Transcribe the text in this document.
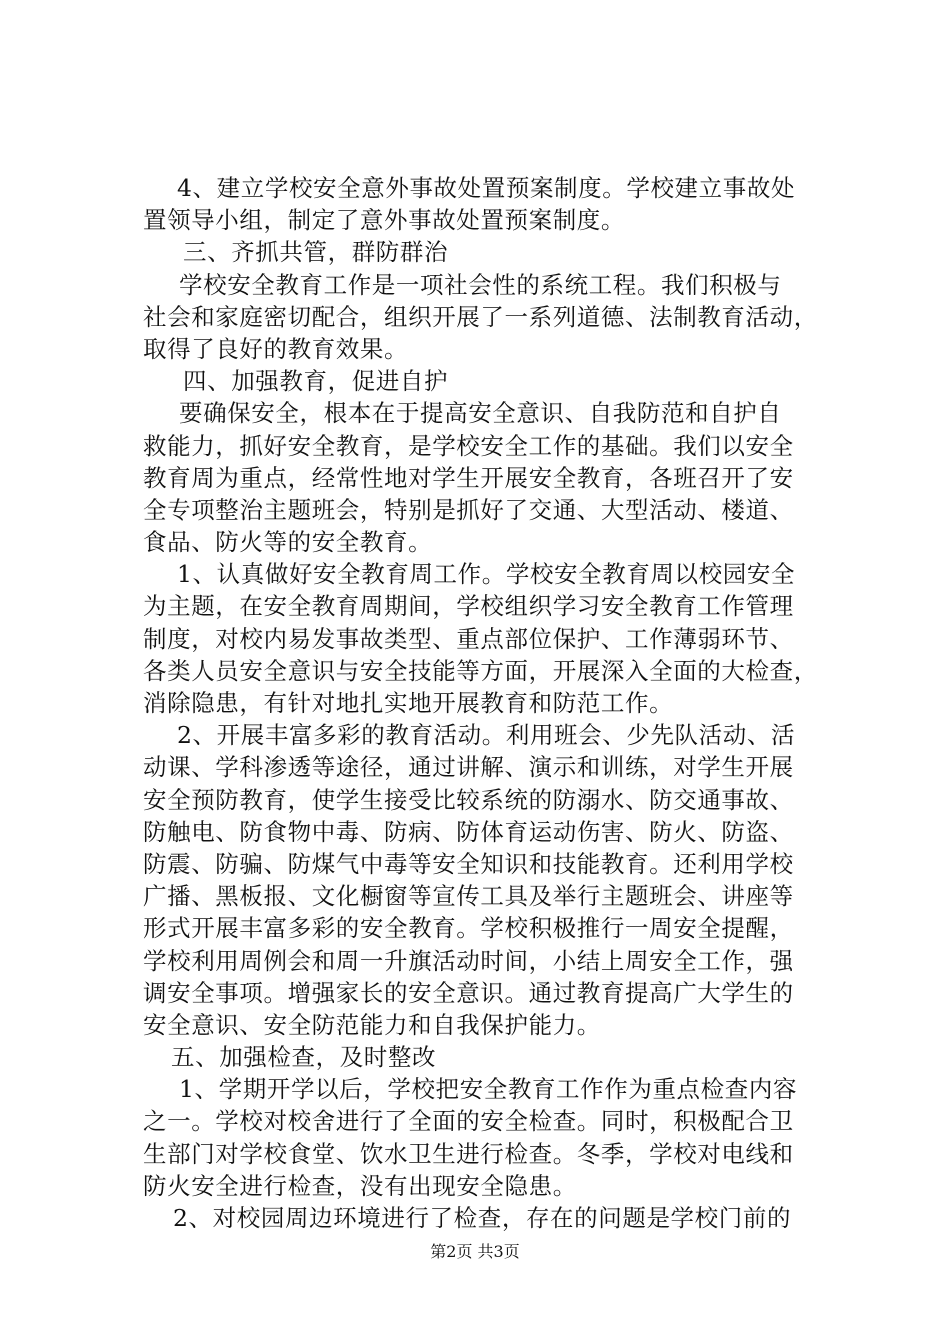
4、建立学校安全意外事故处置预案制度。学校建立事故处
置领导小组，制定了意外事故处置预案制度。
三、齐抓共管，群防群治
学校安全教育工作是一项社会性的系统工程。我们积极与
社会和家庭密切配合，组织开展了一系列道德、法制教育活动，
取得了良好的教育效果。
四、加强教育，促进自护
要确保安全，根本在于提高安全意识、自我防范和自护自
救能力，抓好安全教育，是学校安全工作的基础。我们以安全
教育周为重点，经常性地对学生开展安全教育，各班召开了安
全专项整治主题班会，特别是抓好了交通、大型活动、楼道、
食品、防火等的安全教育。
1、认真做好安全教育周工作。学校安全教育周以校园安全
为主题，在安全教育周期间，学校组织学习安全教育工作管理
制度，对校内易发事故类型、重点部位保护、工作薄弱环节、
各类人员安全意识与安全技能等方面，开展深入全面的大检查，
消除隐患，有针对地扎实地开展教育和防范工作。
2、开展丰富多彩的教育活动。利用班会、少先队活动、活
动课、学科渗透等途径，通过讲解、演示和训练，对学生开展
安全预防教育，使学生接受比较系统的防溺水、防交通事故、
防触电、防食物中毒、防病、防体育运动伤害、防火、防盗、
防震、防骗、防煤气中毒等安全知识和技能教育。还利用学校
广播、黑板报、文化橱窗等宣传工具及举行主题班会、讲座等
形式开展丰富多彩的安全教育。学校积极推行一周安全提醒，
学校利用周例会和周一升旗活动时间，小结上周安全工作，强
调安全事项。增强家长的安全意识。通过教育提高广大学生的
安全意识、安全防范能力和自我保护能力。
五、加强检查，及时整改
1、学期开学以后，学校把安全教育工作作为重点检查内容
之一。学校对校舍进行了全面的安全检查。同时，积极配合卫
生部门对学校食堂、饮水卫生进行检查。冬季，学校对电线和
防火安全进行检查，没有出现安全隐患。
2、对校园周边环境进行了检查，存在的问题是学校门前的
第2页 共3页
